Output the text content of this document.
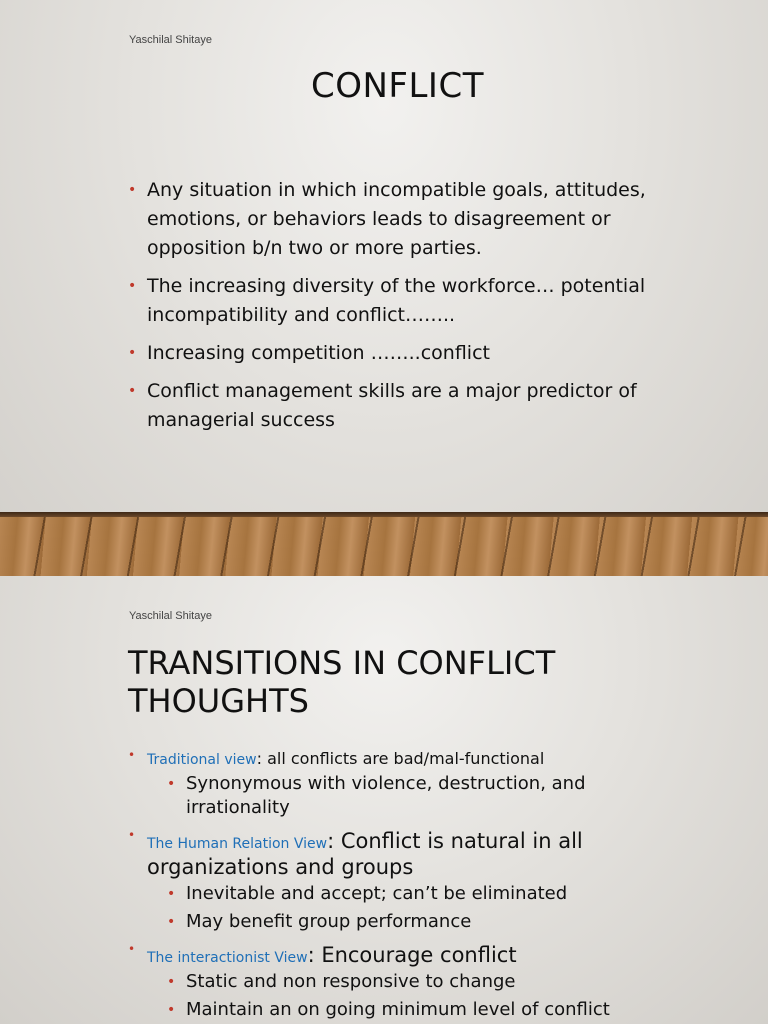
Yaschilal Shitaye
CONFLICT
• Any situation in which incompatible goals, attitudes, emotions, or behaviors leads to disagreement or opposition b/n two or more parties.
• The increasing diversity of the workforce… potential incompatibility and conflict……..
• Increasing competition ……..conflict
• Conflict management skills are a major predictor of managerial success
Yaschilal Shitaye
TRANSITIONS IN CONFLICT THOUGHTS
• Traditional view: all conflicts are bad/mal-functional
• Synonymous with violence, destruction, and irrationality
•
The Human Relation View: Conflict is natural in all organizations and groups
• Inevitable and accept; can’t be eliminated
• May benefit group performance
•
The interactionist View: Encourage conflict
• Static and non responsive to change
• Maintain an on going minimum level of conflict
